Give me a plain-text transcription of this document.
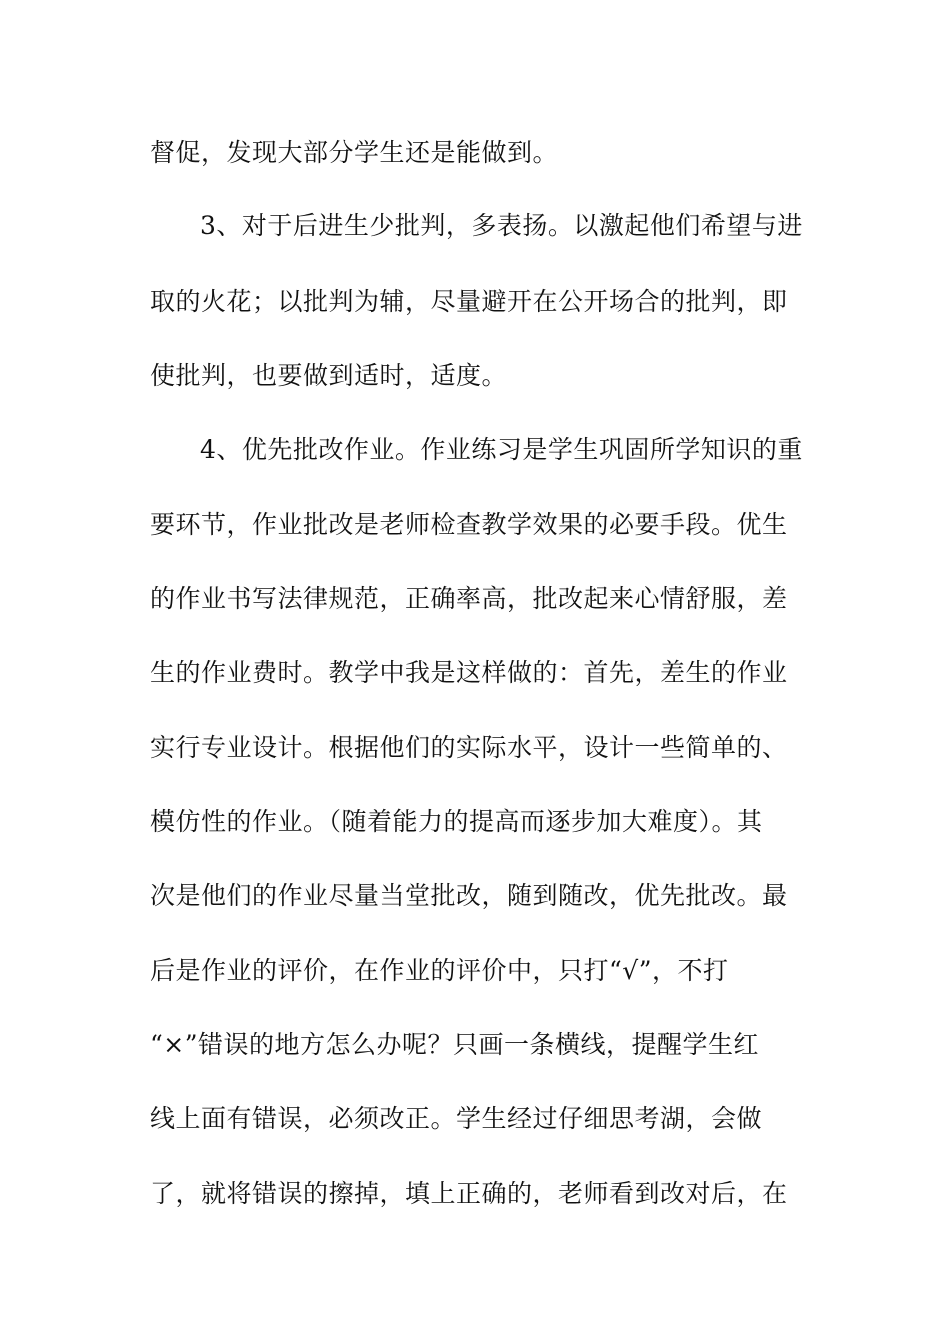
督促，发现大部分学生还是能做到。
3、对于后进生少批判，多表扬。以激起他们希望与进
取的火花；以批判为辅，尽量避开在公开场合的批判，即
使批判，也要做到适时，适度。
4、优先批改作业。作业练习是学生巩固所学知识的重
要环节，作业批改是老师检查教学效果的必要手段。优生
的作业书写法律规范，正确率高，批改起来心情舒服，差
生的作业费时。教学中我是这样做的：首先，差生的作业
实行专业设计。根据他们的实际水平，设计一些简单的、
模仿性的作业。（随着能力的提高而逐步加大难度）。其
次是他们的作业尽量当堂批改，随到随改，优先批改。最
后是作业的评价，在作业的评价中，只打“√”，不打
“×”错误的地方怎么办呢？只画一条横线，提醒学生红
线上面有错误，必须改正。学生经过仔细思考湖，会做
了，就将错误的擦掉，填上正确的，老师看到改对后，在
